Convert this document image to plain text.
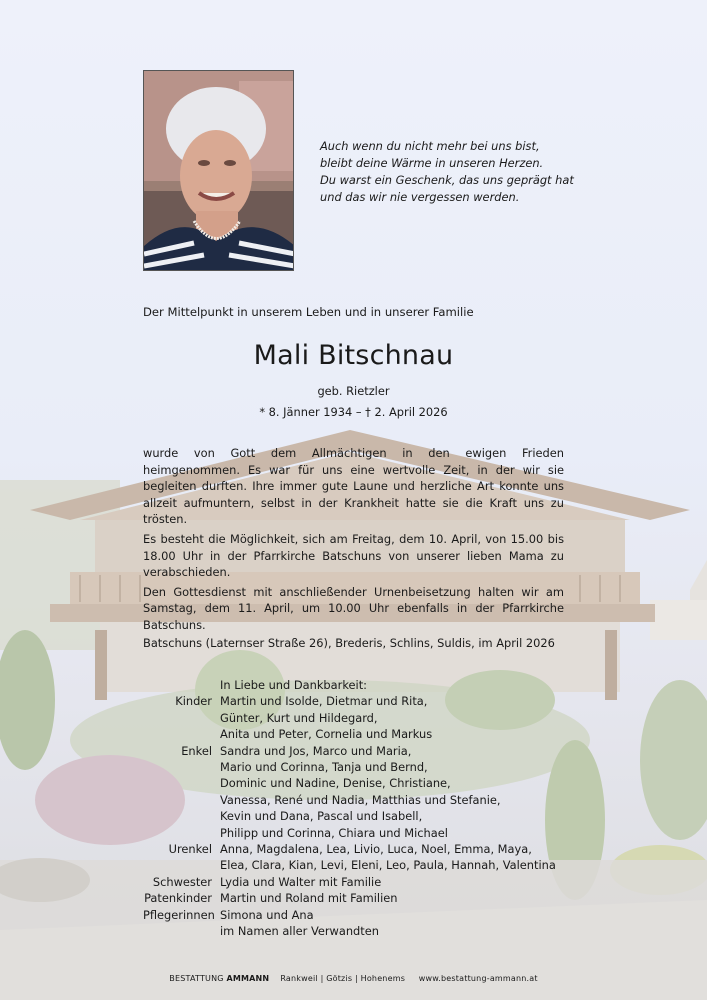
Auch wenn du nicht mehr bei uns bist,
bleibt deine Wärme in unseren Herzen.
Du warst ein Geschenk, das uns geprägt hat
und das wir nie vergessen werden.
Der Mittelpunkt in unserem Leben und in unserer Familie
Mali Bitschnau
geb. Rietzler
* 8. Jänner 1934 – † 2. April 2026

wurde von Gott dem Allmächtigen in den ewigen Frieden heimgenommen. Es war für uns eine wertvolle Zeit, in der wir sie begleiten durften. Ihre immer gute Laune und herzliche Art konnte uns allzeit aufmuntern, selbst in der Krankheit hatte sie die Kraft uns zu trösten.

Es besteht die Möglichkeit, sich am Freitag, dem 10. April, von 15.00 bis 18.00 Uhr in der Pfarrkirche Batschuns von unserer lieben Mama zu verabschieden.

Den Gottesdienst mit anschließender Urnenbeisetzung halten wir am Samstag, dem 11. April, um 10.00 Uhr ebenfalls in der Pfarrkirche Batschuns.

Batschuns (Laternser Straße 26), Brederis, Schlins, Suldis, im April 2026
In Liebe und Dankbarkeit:
Kinder Martin und Isolde, Dietmar und Rita,
Günter, Kurt und Hildegard,
Anita und Peter, Cornelia und Markus
Enkel Sandra und Jos, Marco und Maria,
Mario und Corinna, Tanja und Bernd,
Dominic und Nadine, Denise, Christiane,
Vanessa, René und Nadia, Matthias und Stefanie,
Kevin und Dana, Pascal und Isabell,
Philipp und Corinna, Chiara und Michael
Urenkel Anna, Magdalena, Lea, Livio, Luca, Noel, Emma, Maya,
Elea, Clara, Kian, Levi, Eleni, Leo, Paula, Hannah, Valentina
Schwester Lydia und Walter mit Familie
Patenkinder Martin und Roland mit Familien
Pflegerinnen Simona und Ana
im Namen aller Verwandten
BESTATTUNG AMMANN Rankweil | Götzis | Hohenems www.bestattung-ammann.at
